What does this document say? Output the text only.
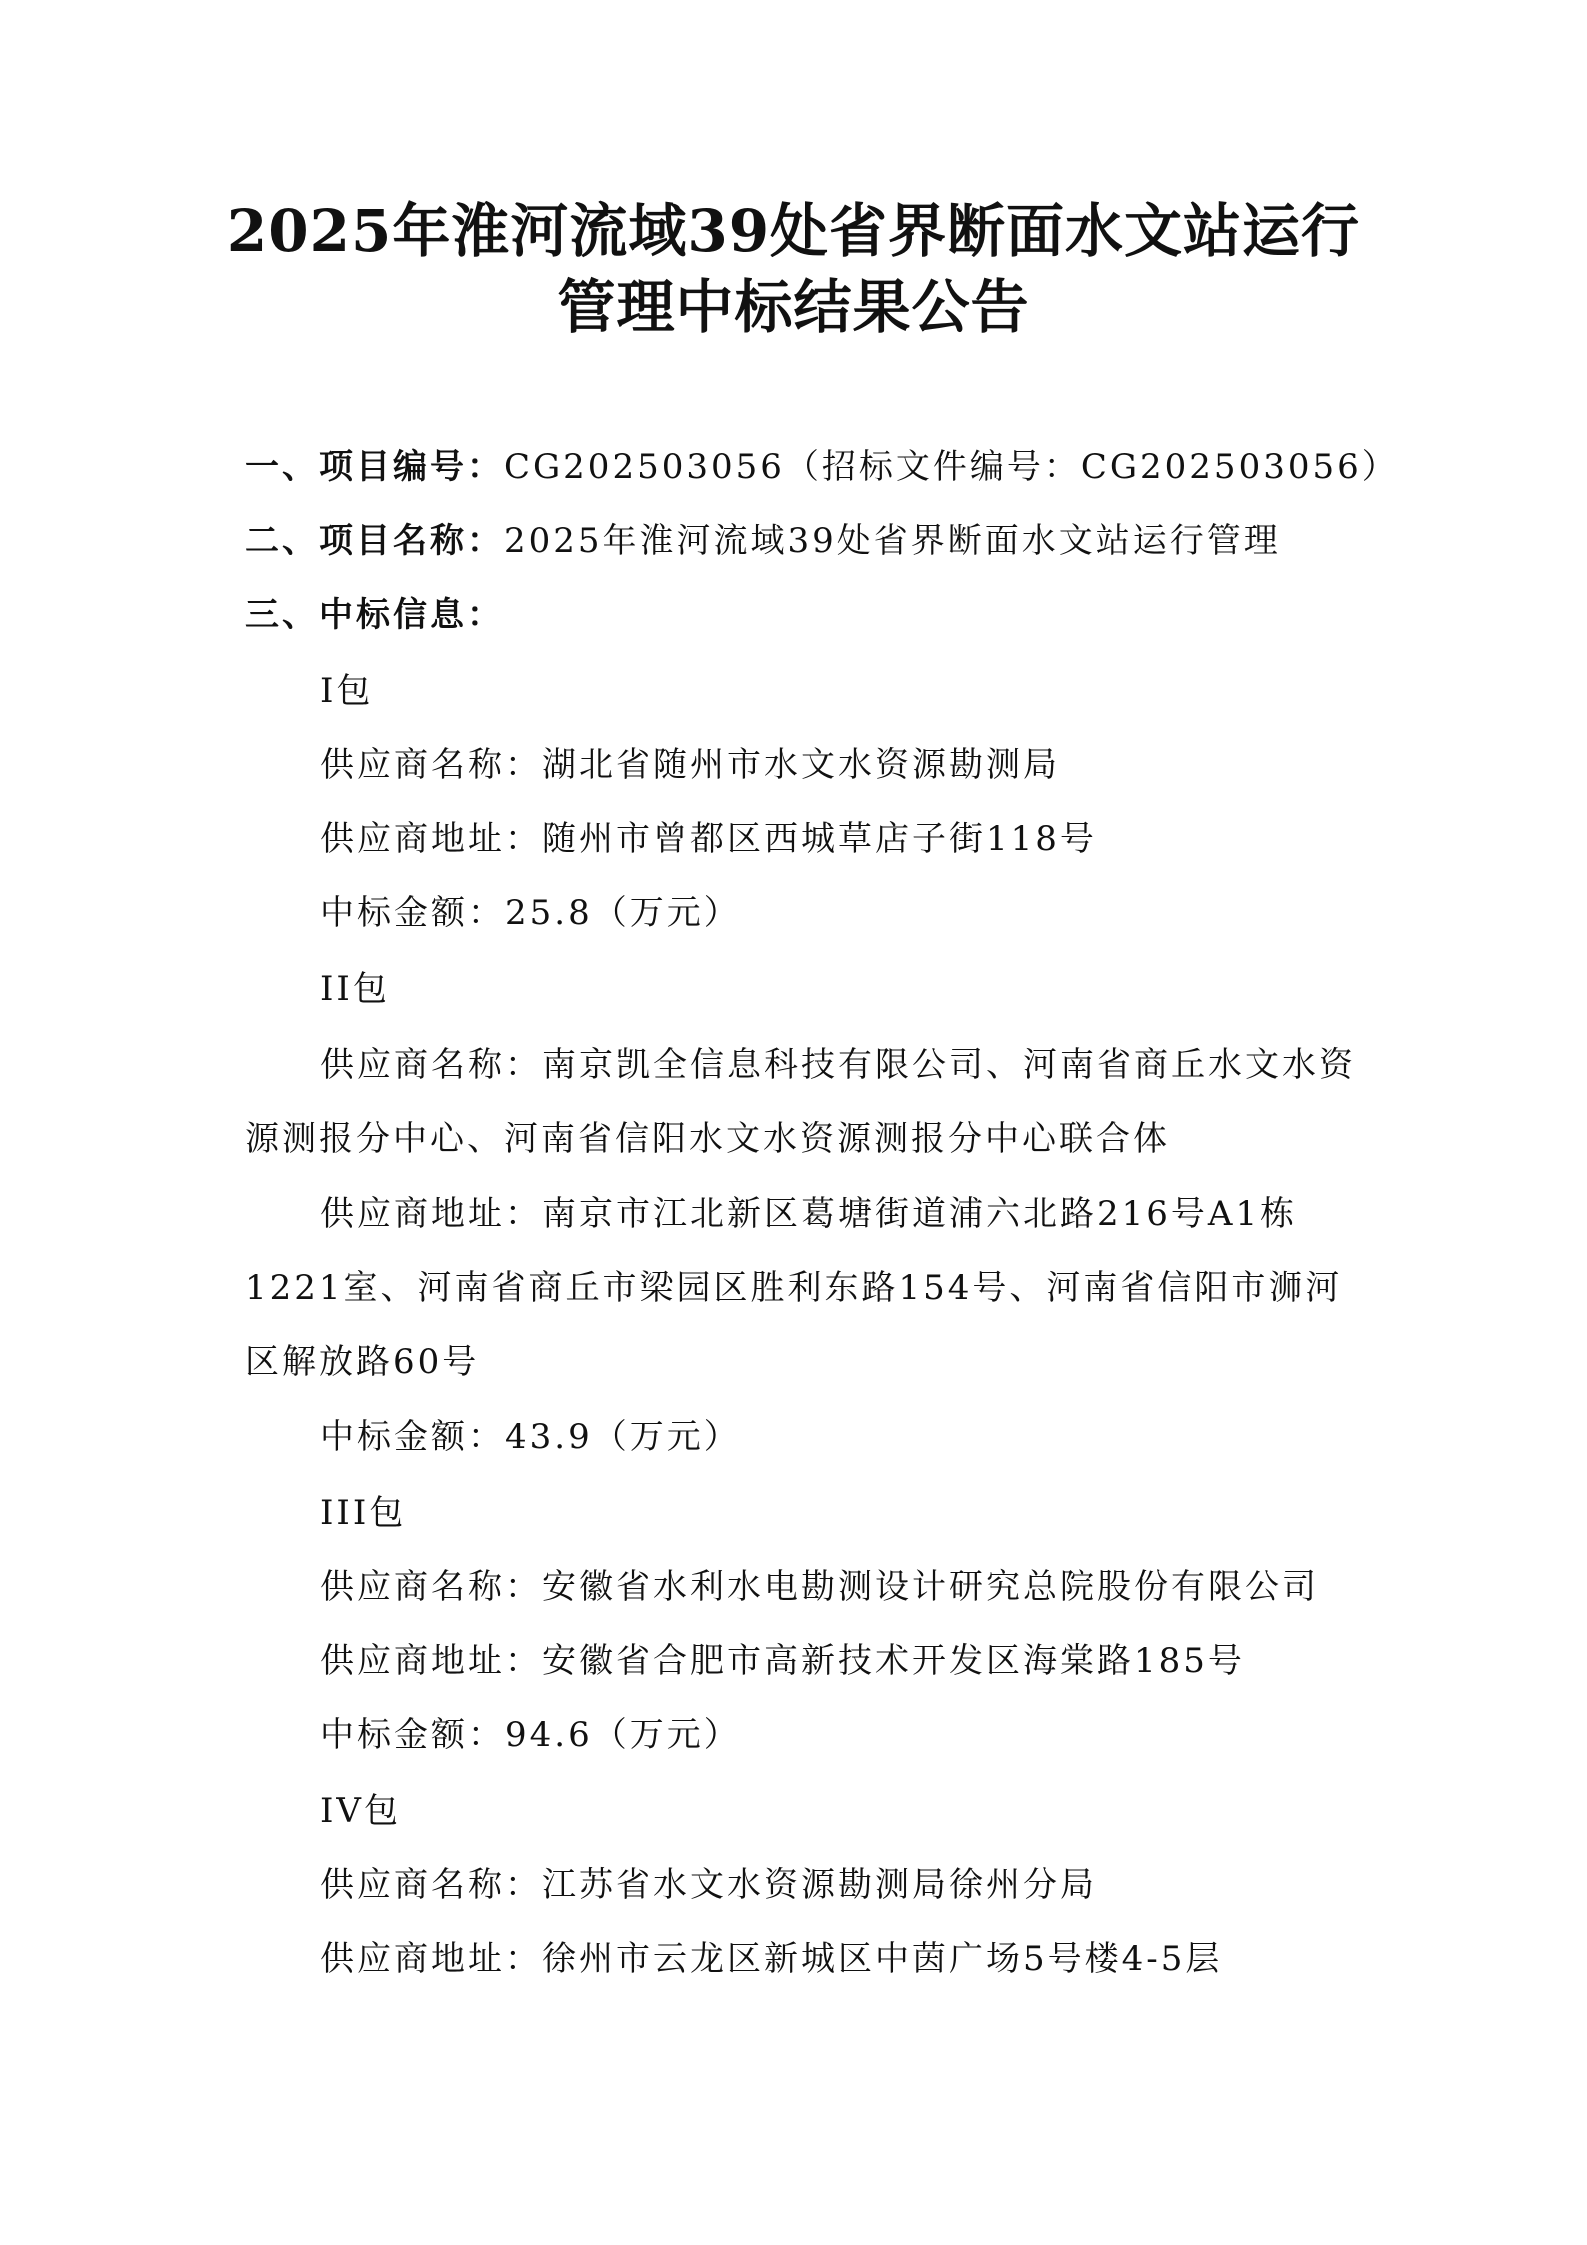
2025年淮河流域39处省界断面水文站运行
管理中标结果公告
一、项目编号：CG202503056（招标文件编号：CG202503056）
二、项目名称：2025年淮河流域39处省界断面水文站运行管理
三、中标信息：
I包
供应商名称：湖北省随州市水文水资源勘测局
供应商地址：随州市曾都区西城草店子街118号
中标金额：25.8（万元）
II包
供应商名称：南京凯全信息科技有限公司、河南省商丘水文水资
源测报分中心、河南省信阳水文水资源测报分中心联合体
供应商地址：南京市江北新区葛塘街道浦六北路216号A1栋
1221室、河南省商丘市梁园区胜利东路154号、河南省信阳市浉河
区解放路60号
中标金额：43.9（万元）
III包
供应商名称：安徽省水利水电勘测设计研究总院股份有限公司
供应商地址：安徽省合肥市高新技术开发区海棠路185号
中标金额：94.6（万元）
IV包
供应商名称：江苏省水文水资源勘测局徐州分局
供应商地址：徐州市云龙区新城区中茵广场5号楼4-5层
